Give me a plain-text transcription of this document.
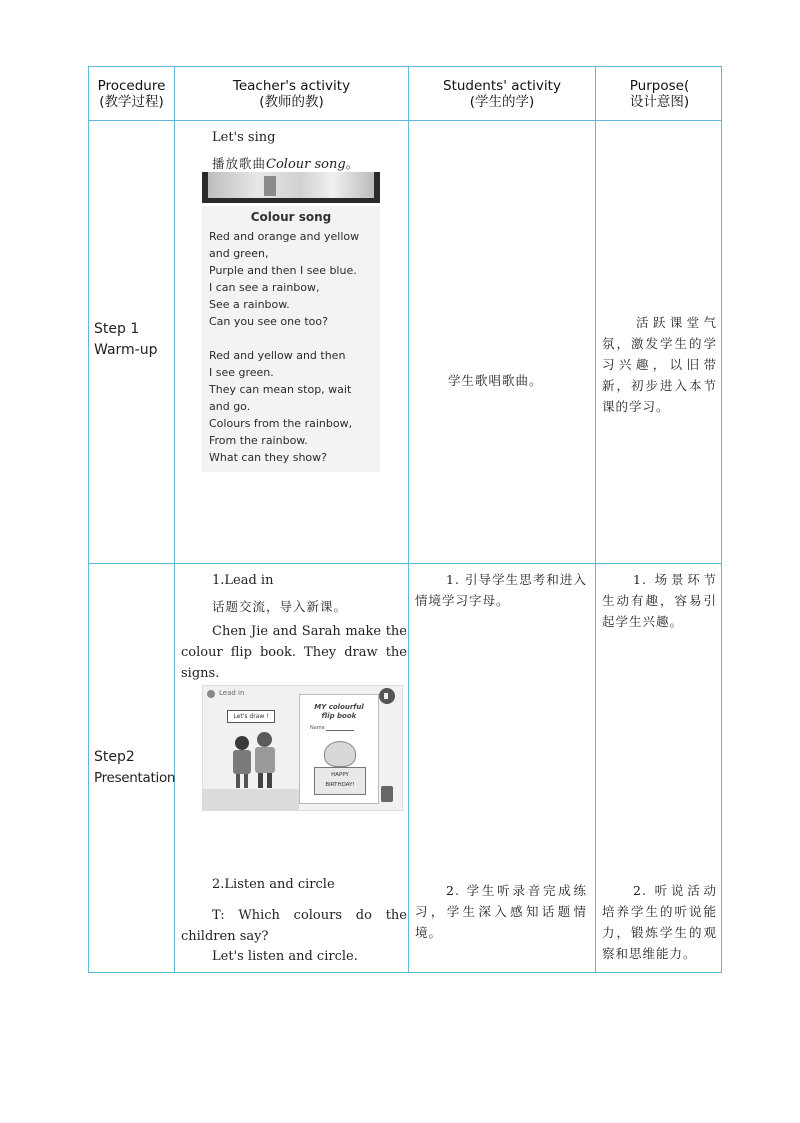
Procedure
(教学过程)
Teacher's activity
(教师的教)
Students' activity
(学生的学)
Purpose(
设计意图)
Step 1
Warm-up
Let's sing
播放歌曲Colour song。
Colour song
Red and orange and yellow
and green,
Purple and then I see blue.
I can see a rainbow,
See a rainbow.
Can you see one too?
Red and yellow and then
I see green.
They can mean stop, wait
and go.
Colours from the rainbow,
From the rainbow.
What can they show?
学生歌唱歌曲。
活跃课堂气氛，激发学生的学习兴趣，以旧带新，初步进入本节课的学习。
Step2
Presentation
1.Lead in
话题交流，导入新课。
Chen Jie and Sarah make the colour flip book. They draw the signs.
Lead in
Let's draw !
MY colourful
flip book
Name
HAPPY
BIRTHDAY!
2.Listen and circle
T: Which colours do the children say?
Let's listen and circle.
1. 引导学生思考和进入情境学习字母。
2. 学生听录音完成练习，学生深入感知话题情境。
1. 场景环节生动有趣，容易引起学生兴趣。
2. 听说活动培养学生的听说能力，锻炼学生的观察和思维能力。
